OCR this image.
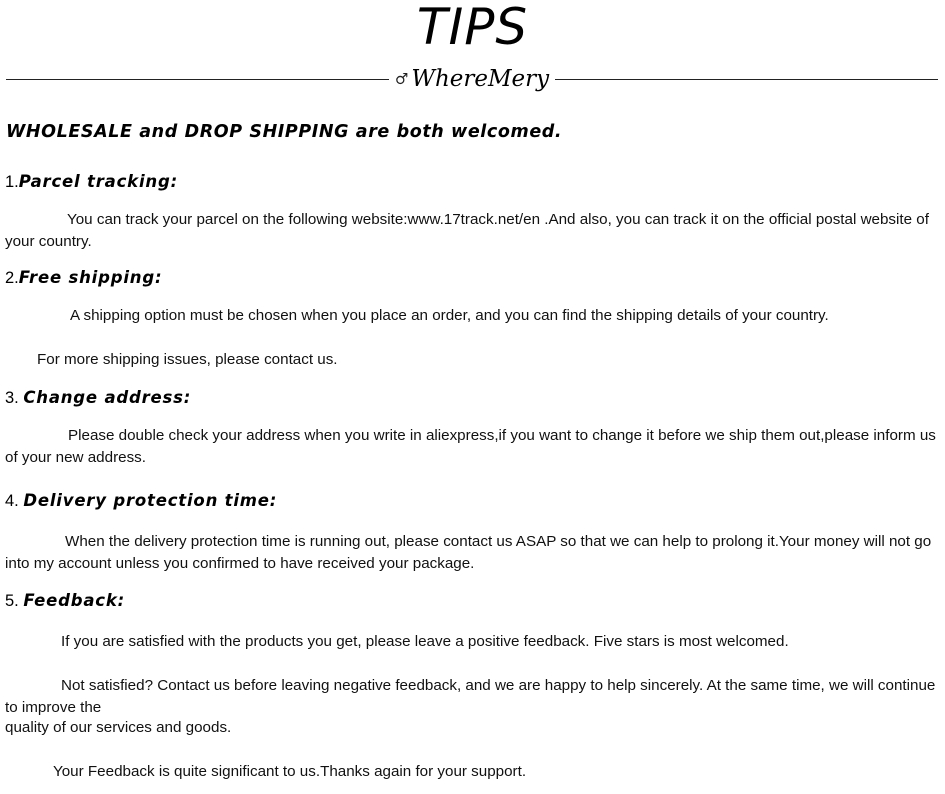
TIPS
♂ WhereMery
WHOLESALE and DROP SHIPPING are both welcomed.
1.Parcel tracking:
You can track your parcel on the following website:www.17track.net/en .And also, you can track it on the official postal website of your country.
2.Free shipping:
A shipping option must be chosen when you place an order, and you can find the shipping details of your country.
For more shipping issues, please contact us.
3. Change address:
Please double check your address when you write in aliexpress,if you want to change it before we ship them out,please inform us of your new address.
4. Delivery protection time:
When the delivery protection time is running out, please contact us ASAP so that we can help to prolong it.Your money will not go into my account unless you confirmed to have received your package.
5. Feedback:
If you are satisfied with the products you get, please leave a positive feedback. Five stars is most welcomed.
Not satisfied? Contact us before leaving negative feedback, and we are happy to help sincerely. At the same time, we will continue to improve the
quality of our services and goods.
Your Feedback is quite significant to us.Thanks again for your support.
